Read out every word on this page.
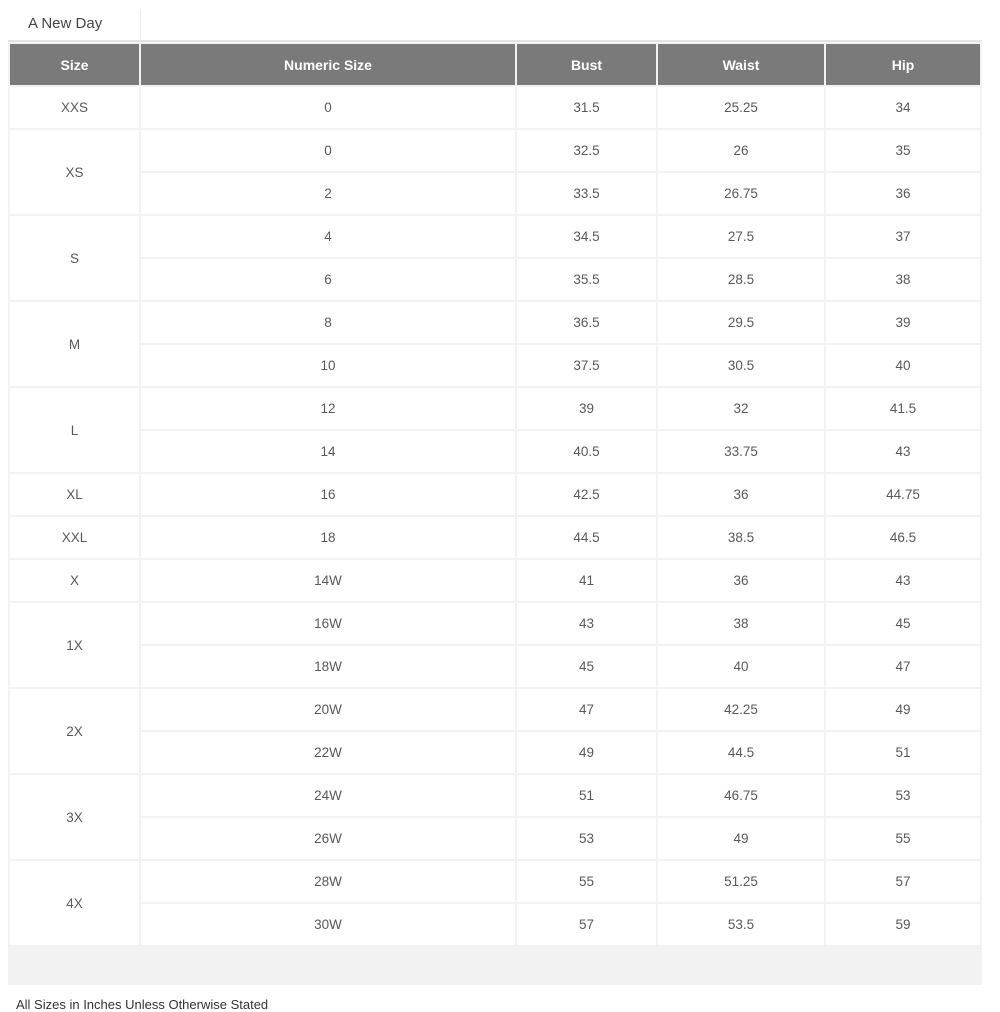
A New Day
Size	Numeric Size	Bust	Waist	Hip
XXS	0	31.5	25.25	34
XS	0	32.5	26	35
	2	33.5	26.75	36
S	4	34.5	27.5	37
	6	35.5	28.5	38
M	8	36.5	29.5	39
	10	37.5	30.5	40
L	12	39	32	41.5
	14	40.5	33.75	43
XL	16	42.5	36	44.75
XXL	18	44.5	38.5	46.5
X	14W	41	36	43
1X	16W	43	38	45
	18W	45	40	47
2X	20W	47	42.25	49
	22W	49	44.5	51
3X	24W	51	46.75	53
	26W	53	49	55
4X	28W	55	51.25	57
	30W	57	53.5	59
All Sizes in Inches Unless Otherwise Stated
